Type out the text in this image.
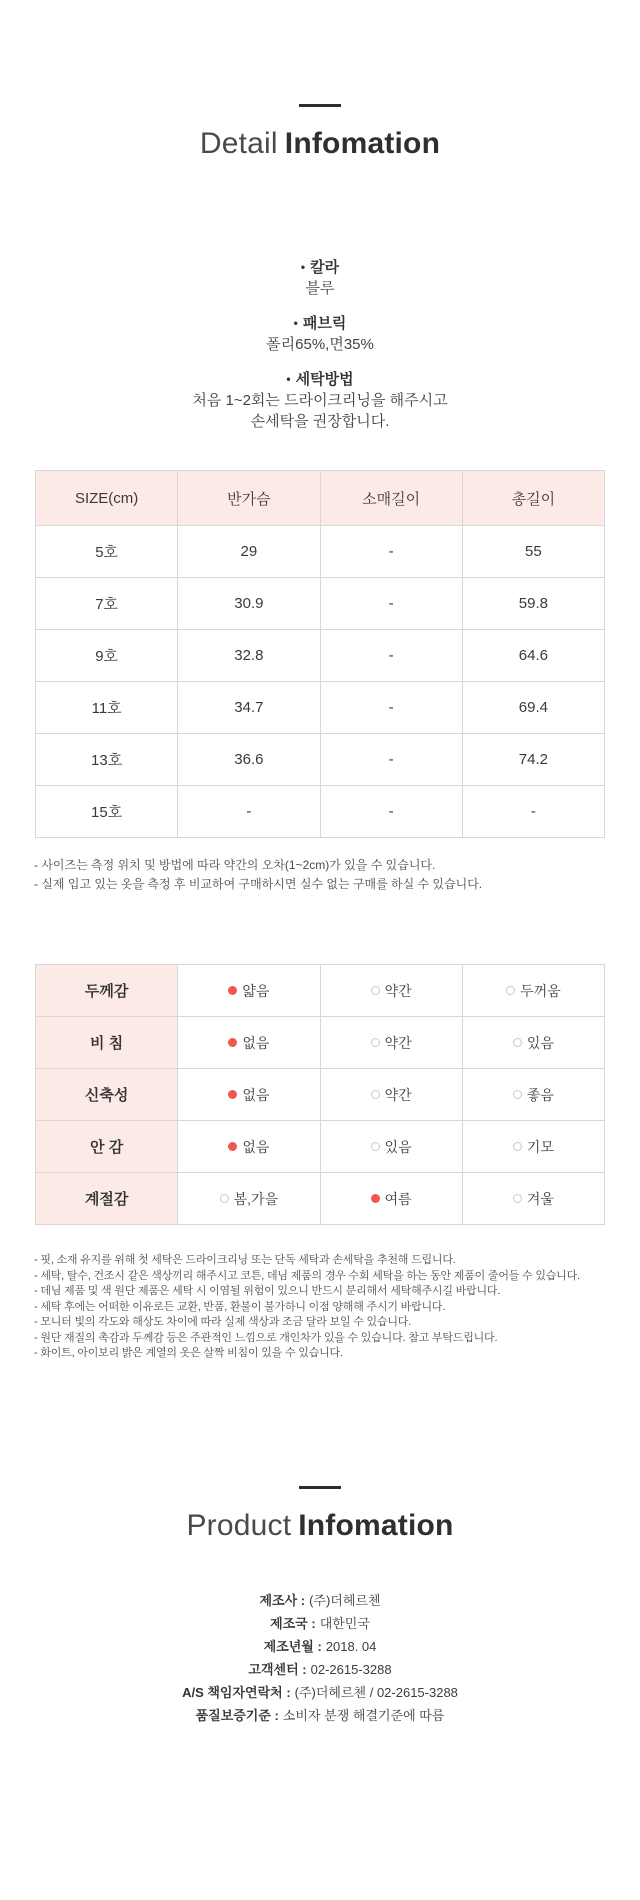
Detail Infomation
• 칼라
블루
• 패브릭
폴리65%,면35%
• 세탁방법
처음 1~2회는 드라이크리닝을 해주시고
손세탁을 권장합니다.
SIZE(cm)	반가슴	소매길이	총길이
5호	29	-	55
7호	30.9	-	59.8
9호	32.8	-	64.6
11호	34.7	-	69.4
13호	36.6	-	74.2
15호	-	-	-
- 사이즈는 측정 위치 및 방법에 따라 약간의 오차(1~2cm)가 있을 수 있습니다.
- 실제 입고 있는 옷을 측정 후 비교하여 구매하시면 실수 없는 구매를 하실 수 있습니다.
두께감	얇음	약간	두꺼움

비 침	없음	약간	있음

신축성	없음	약간	좋음

안 감	없음	있음	기모

계절감	봄,가을	여름	겨울
- 핏, 소재 유지를 위해 첫 세탁은 드라이크리닝 또는 단독 세탁과 손세탁을 추천해 드립니다.
- 세탁, 탈수, 건조시 같은 색상끼리 해주시고 코튼, 데님 제품의 경우 수회 세탁을 하는 동안 제품이 줄어들 수 있습니다.
- 데님 제품 및 색 원단 제품은 세탁 시 이염될 위험이 있으니 반드시 분리해서 세탁해주시길 바랍니다.
- 세탁 후에는 어떠한 이유로든 교환, 반품, 환불이 불가하니 이점 양해해 주시기 바랍니다.
- 모니터 빛의 각도와 해상도 차이에 따라 실제 색상과 조금 달라 보일 수 있습니다.
- 원단 재질의 촉감과 두께감 등은 주관적인 느낌으로 개인차가 있을 수 있습니다. 참고 부탁드립니다.
- 화이트, 아이보리 밝은 계열의 옷은 살짝 비침이 있을 수 있습니다.
Product Infomation
제조사 : (주)더헤르첸
제조국 : 대한민국
제조년월 : 2018. 04
고객센터 : 02-2615-3288
A/S 책임자연락처 : (주)더헤르첸 / 02-2615-3288
품질보증기준 : 소비자 분쟁 해결기준에 따름
